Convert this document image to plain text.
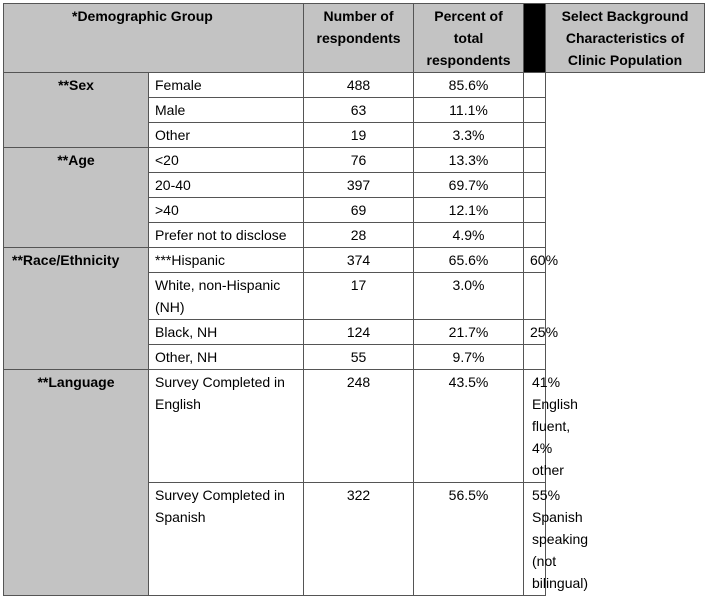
*Demographic Group		Number of respondents	Percent of total respondents		Select Background Characteristics of Clinic Population
**Sex	Female	488	85.6%		
	Male	63	11.1%		
	Other	19	3.3%		
**Age	<20	76	13.3%		
	20-40	397	69.7%		
	>40	69	12.1%		
	Prefer not to disclose	28	4.9%		
**Race/Ethnicity	***Hispanic	374	65.6%	60%	
	White, non-Hispanic (NH)	17	3.0%		
	Black, NH	124	21.7%	25%	
	Other, NH	55	9.7%		
**Language	Survey Completed in English	248	43.5%	41% English fluent, 4% other	
	Survey Completed in Spanish	322	56.5%	55% Spanish speaking (not bilingual)	
